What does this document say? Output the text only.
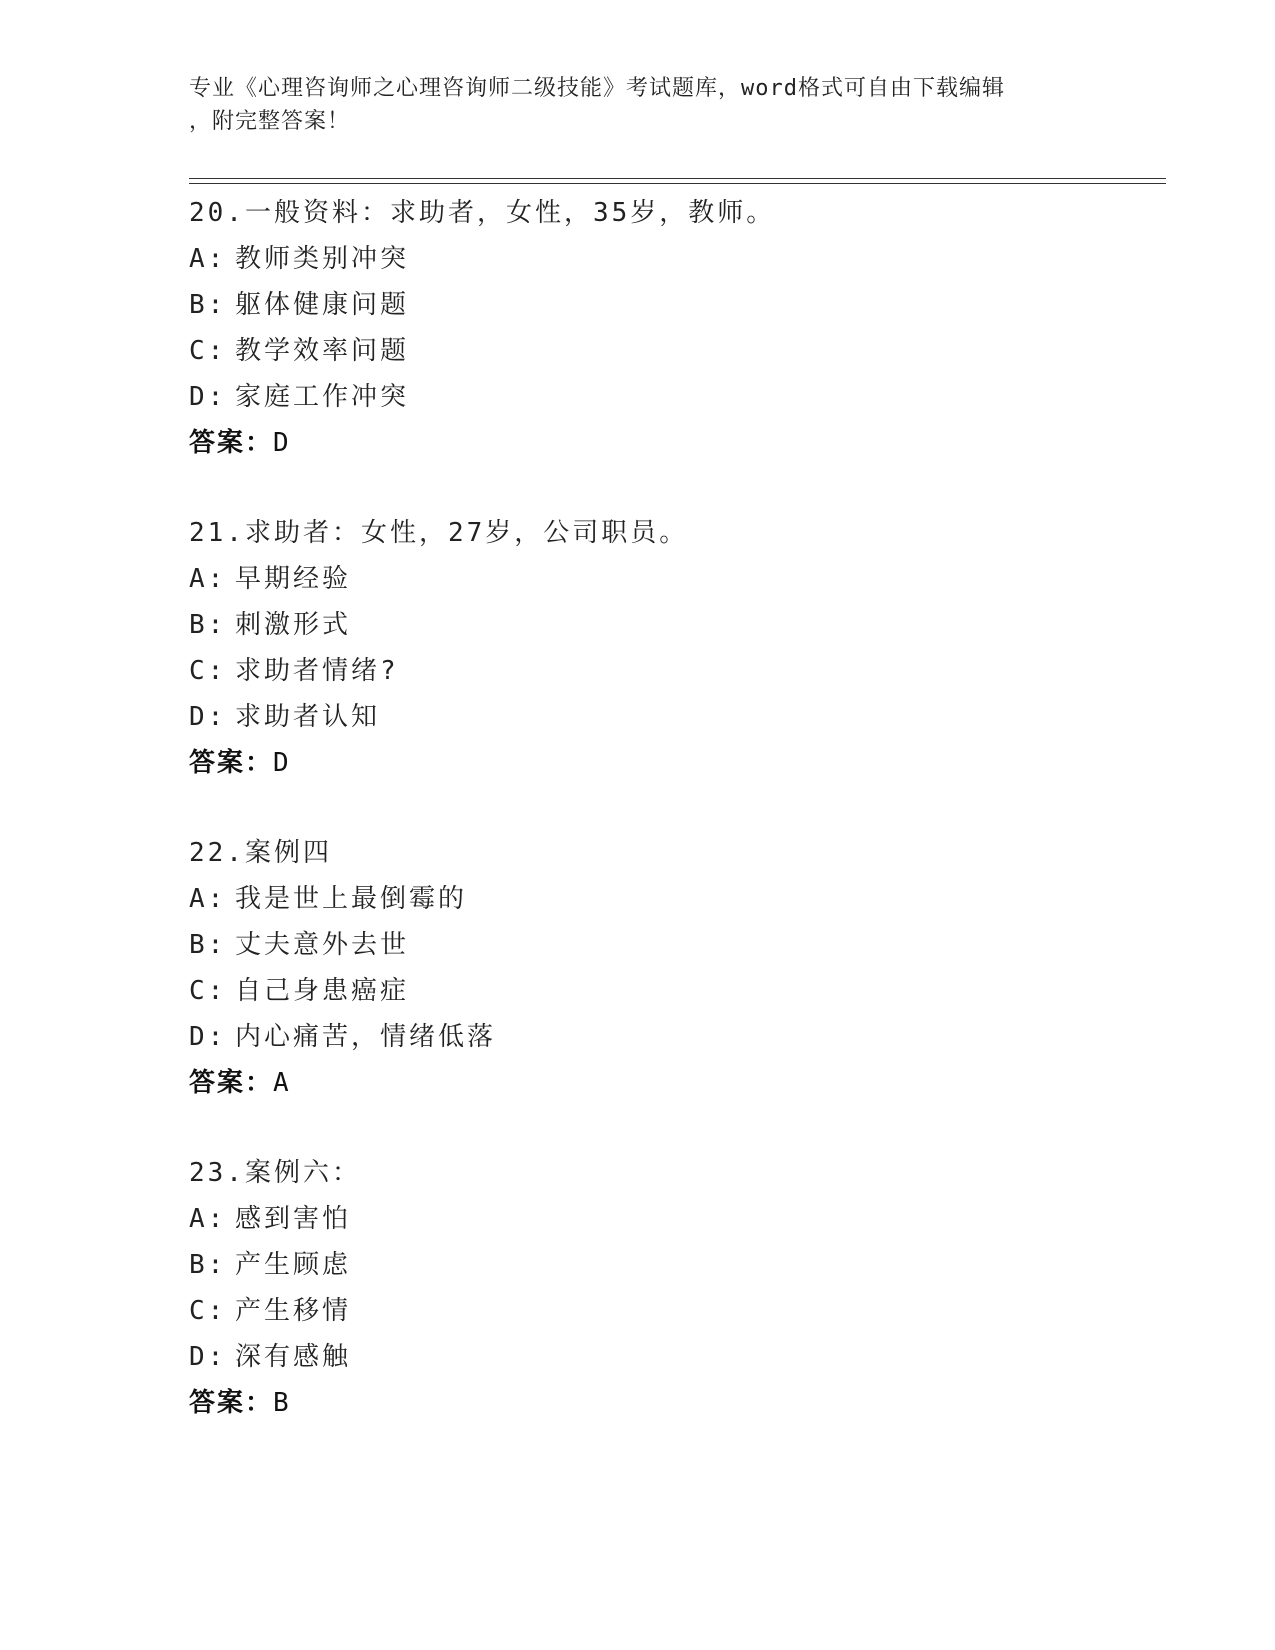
专业《心理咨询师之心理咨询师二级技能》考试题库，word格式可自由下载编辑
，附完整答案！
20.一般资料：求助者，女性，35岁，教师。
A: 教师类别冲突
B: 躯体健康问题
C: 教学效率问题
D: 家庭工作冲突
答案：D
21.求助者：女性，27岁，公司职员。
A: 早期经验
B: 刺激形式
C: 求助者情绪?
D: 求助者认知
答案：D
22.案例四
A: 我是世上最倒霉的
B: 丈夫意外去世
C: 自己身患癌症
D: 内心痛苦，情绪低落
答案：A
23.案例六：
A: 感到害怕
B: 产生顾虑
C: 产生移情
D: 深有感触
答案：B
